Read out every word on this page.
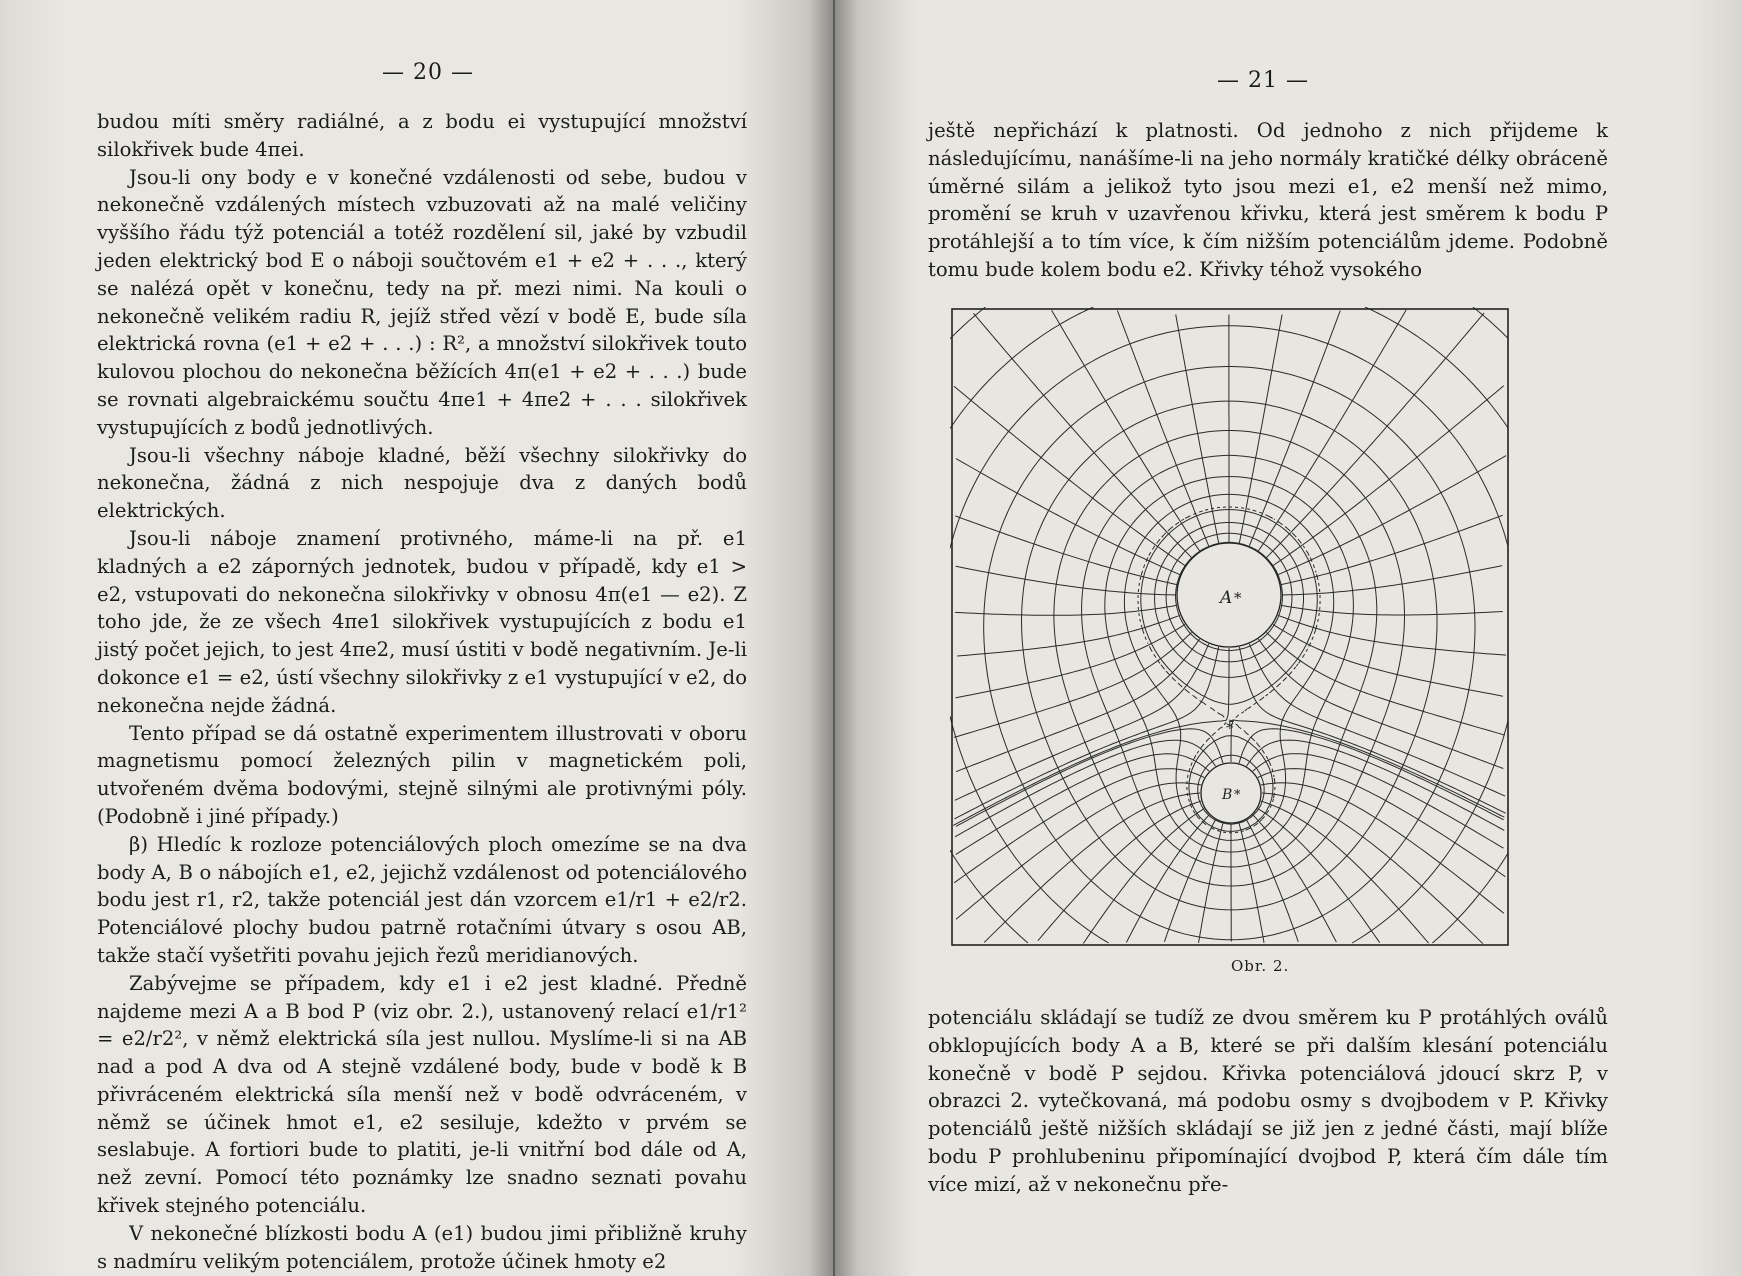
— 20 —

budou míti směry radiálné, a z bodu ei vystupující množství silokřivek bude 4πei.

Jsou-li ony body e v konečné vzdálenosti od sebe, budou v nekonečně vzdálených místech vzbuzovati až na malé veličiny vyššího řádu týž potenciál a totéž rozdělení sil, jaké by vzbudil jeden elektrický bod E o náboji součtovém e1 + e2 + . . ., který se nalézá opět v konečnu, tedy na př. mezi nimi. Na kouli o nekonečně velikém radiu R, jejíž střed vězí v bodě E, bude síla elektrická rovna (e1 + e2 + . . .) : R², a množství silokřivek touto kulovou plochou do nekonečna běžících 4π(e1 + e2 + . . .) bude se rovnati algebraickému součtu 4πe1 + 4πe2 + . . . silokřivek vystupujících z bodů jednotlivých.

Jsou-li všechny náboje kladné, běží všechny silokřivky do nekonečna, žádná z nich nespojuje dva z daných bodů elektrických.

Jsou-li náboje znamení protivného, máme-li na př. e1 kladných a e2 záporných jednotek, budou v případě, kdy e1 > e2, vstupovati do nekonečna silokřivky v obnosu 4π(e1 — e2). Z toho jde, že ze všech 4πe1 silokřivek vystupujících z bodu e1 jistý počet jejich, to jest 4πe2, musí ústiti v bodě negativním. Je-li dokonce e1 = e2, ústí všechny silokřivky z e1 vystupující v e2, do nekonečna nejde žádná.

Tento případ se dá ostatně experimentem illustrovati v oboru magnetismu pomocí železných pilin v magnetickém poli, utvořeném dvěma bodovými, stejně silnými ale protivnými póly. (Podobně i jiné případy.)

β) Hledíc k rozloze potenciálových ploch omezíme se na dva body A, B o nábojích e1, e2, jejichž vzdálenost od potenciálového bodu jest r1, r2, takže potenciál jest dán vzorcem e1/r1 + e2/r2. Potenciálové plochy budou patrně rotačními útvary s osou AB, takže stačí vyšetřiti povahu jejich řezů meridianových.

Zabývejme se případem, kdy e1 i e2 jest kladné. Předně najdeme mezi A a B bod P (viz obr. 2.), ustanovený relací e1/r1² = e2/r2², v němž elektrická síla jest nullou. Myslíme-li si na AB nad a pod A dva od A stejně vzdálené body, bude v bodě k B přivráceném elektrická síla menší než v bodě odvráceném, v němž se účinek hmot e1, e2 sesiluje, kdežto v prvém se seslabuje. A fortiori bude to platiti, je-li vnitřní bod dále od A, než zevní. Pomocí této poznámky lze snadno seznati povahu křivek stejného potenciálu.

V nekonečné blízkosti bodu A (e1) budou jimi přibližně kruhy s nadmíru velikým potenciálem, protože účinek hmoty e2

— 21 —

ještě nepřichází k platnosti. Od jednoho z nich přijdeme k následujícímu, nanášíme-li na jeho normály kratičké délky obráceně úměrné silám a jelikož tyto jsou mezi e1, e2 menší než mimo, promění se kruh v uzavřenou křivku, která jest směrem k bodu P protáhlejší a to tím více, k čím nižším potenciálům jdeme. Podobně tomu bude kolem bodu e2. Křivky téhož vysokého

A *
B *
*
Obr. 2.

potenciálu skládají se tudíž ze dvou směrem ku P protáhlých oválů obklopujících body A a B, které se při dalším klesání potenciálu konečně v bodě P sejdou. Křivka potenciálová jdoucí skrz P, v obrazci 2. vytečkovaná, má podobu osmy s dvojbodem v P. Křivky potenciálů ještě nižších skládají se již jen z jedné části, mají blíže bodu P prohlubeninu připomínající dvojbod P, která čím dále tím více mizí, až v nekonečnu pře-
